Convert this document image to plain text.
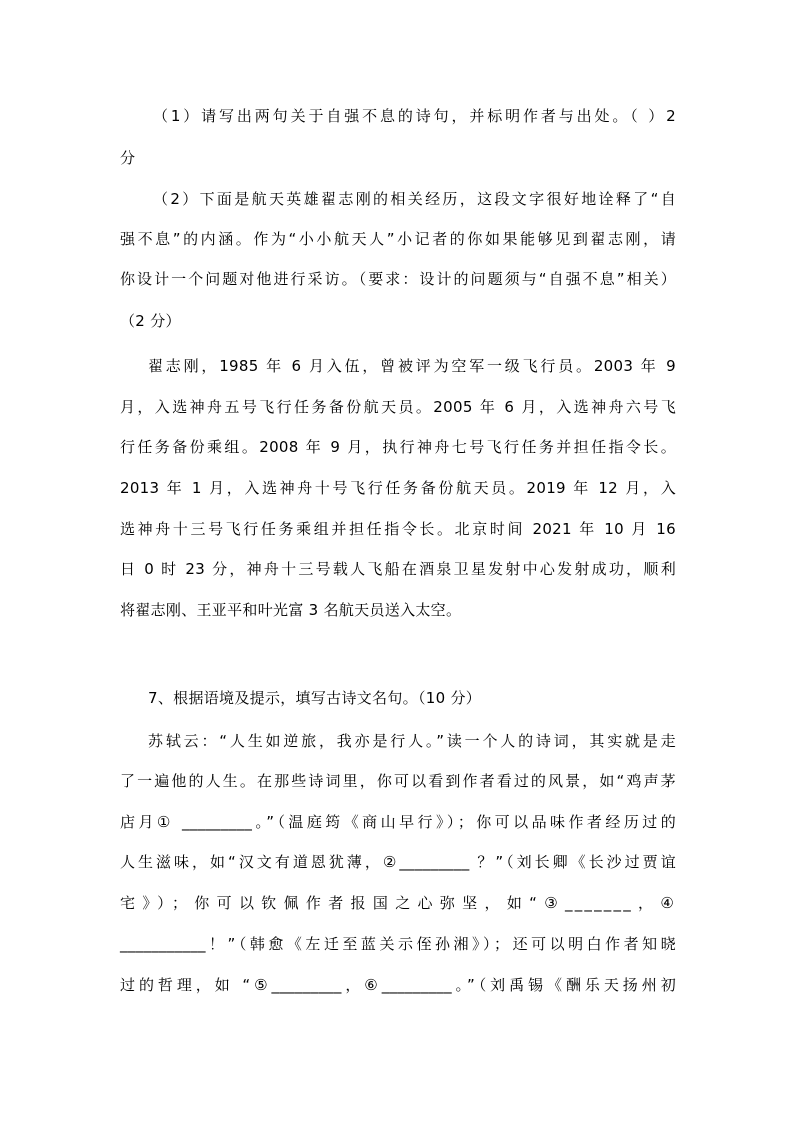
（1）请写出两句关于自强不息的诗句，并标明作者与出处。（ ）2
分
（2）下面是航天英雄翟志刚的相关经历，这段文字很好地诠释了“自
强不息”的内涵。作为“小小航天人”小记者的你如果能够见到翟志刚，请
你设计一个问题对他进行采访。（要求：设计的问题须与“自强不息”相关）
（2 分）
翟志刚，1985 年 6 月入伍，曾被评为空军一级飞行员。2003 年 9
月，入选神舟五号飞行任务备份航天员。2005 年 6 月，入选神舟六号飞
行任务备份乘组。2008 年 9 月，执行神舟七号飞行任务并担任指令长。
2013 年 1 月，入选神舟十号飞行任务备份航天员。2019 年 12 月，入
选神舟十三号飞行任务乘组并担任指令长。北京时间 2021 年 10 月 16
日 0 时 23 分，神舟十三号载人飞船在酒泉卫星发射中心发射成功，顺利
将翟志刚、王亚平和叶光富 3 名航天员送入太空。
7、根据语境及提示，填写古诗文名句。（10 分）
苏轼云：“人生如逆旅，我亦是行人。”读一个人的诗词，其实就是走
了一遍他的人生。在那些诗词里，你可以看到作者看过的风景，如“鸡声茅
店月① _________。”（温庭筠《商山早行》）；你可以品味作者经历过的
人生滋味，如“汉文有道恩犹薄，②_________ ？”（刘长卿《长沙过贾谊
宅》）；你可以钦佩作者报国之心弥坚，如“③_______，④
___________！”（韩愈《左迁至蓝关示侄孙湘》）；还可以明白作者知晓
过的哲理，如 “⑤_________，⑥_________。”（刘禹锡《酬乐天扬州初
